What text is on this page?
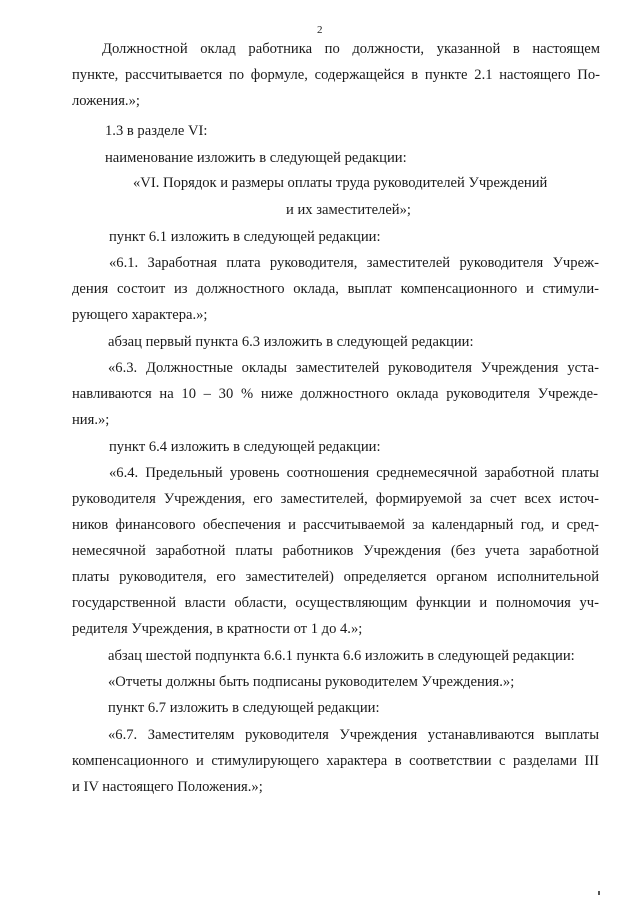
2
Должностной оклад работника по должности, указанной в настоящем
пункте, рассчитывается по формуле, содержащейся в пункте 2.1 настоящего По-
ложения.»;
1.3 в разделе VI:
наименование изложить в следующей редакции:
«VI. Порядок и размеры оплаты труда руководителей Учреждений
и их заместителей»;
пункт 6.1 изложить в следующей редакции:
«6.1. Заработная плата руководителя, заместителей руководителя Учреж-
дения состоит из должностного оклада, выплат компенсационного и стимули-
рующего характера.»;
абзац первый пункта 6.3 изложить в следующей редакции:
«6.3. Должностные оклады заместителей руководителя Учреждения уста-
навливаются на 10 – 30 % ниже должностного оклада руководителя Учрежде-
ния.»;
пункт 6.4 изложить в следующей редакции:
«6.4. Предельный уровень соотношения среднемесячной заработной платы
руководителя Учреждения, его заместителей, формируемой за счет всех источ-
ников финансового обеспечения и рассчитываемой за календарный год, и сред-
немесячной заработной платы работников Учреждения (без учета заработной
платы руководителя, его заместителей) определяется органом исполнительной
государственной власти области, осуществляющим функции и полномочия уч-
редителя Учреждения, в кратности от 1 до 4.»;
абзац шестой подпункта 6.6.1 пункта 6.6 изложить в следующей редакции:
«Отчеты должны быть подписаны руководителем Учреждения.»;
пункт 6.7 изложить в следующей редакции:
«6.7. Заместителям руководителя Учреждения устанавливаются выплаты
компенсационного и стимулирующего характера в соответствии с разделами III
и IV настоящего Положения.»;
